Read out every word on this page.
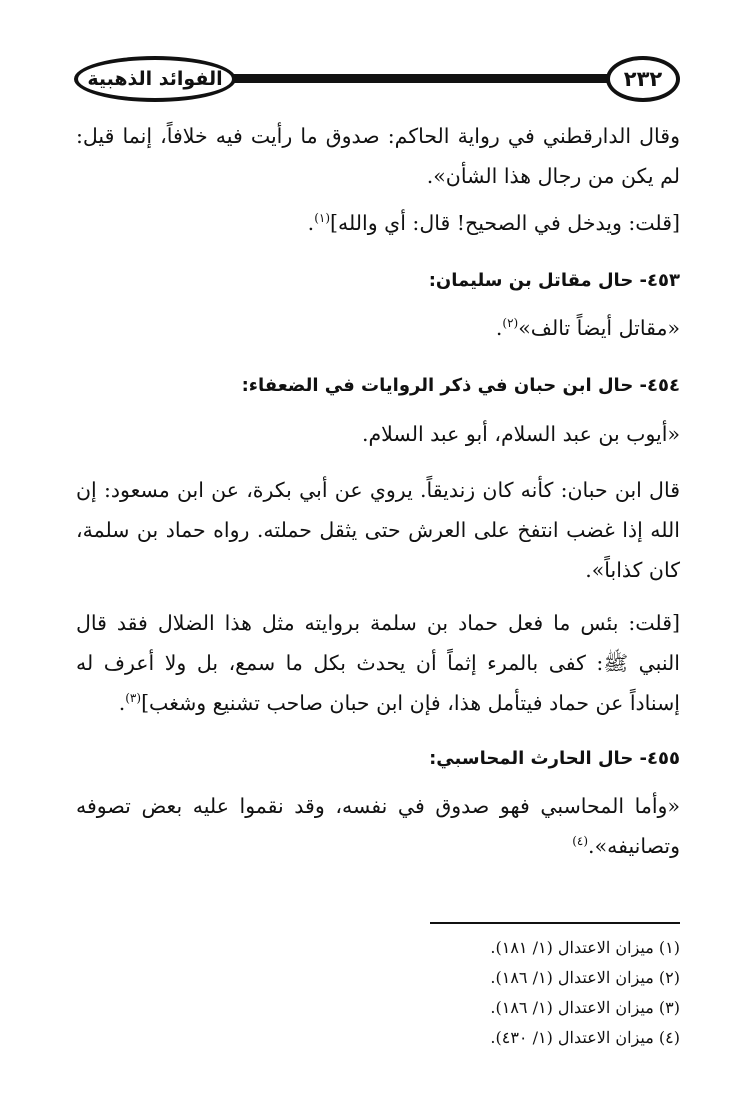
الفوائد الذهبية	٢٣٢

وقال الدارقطني في رواية الحاكم: صدوق ما رأيت فيه خلافاً، إنما قيل: لم يكن من رجال هذا الشأن».

[قلت: ويدخل في الصحيح! قال: أي والله]$^{(١)}$.

٤٥٣- حال مقاتل بن سليمان:

«مقاتل أيضاً تالف»$^{(٢)}$.

٤٥٤- حال ابن حبان في ذكر الروايات في الضعفاء:

«أيوب بن عبد السلام، أبو عبد السلام.

قال ابن حبان: كأنه كان زنديقاً. يروي عن أبي بكرة، عن ابن مسعود: إن الله إذا غضب انتفخ على العرش حتى يثقل حملته. رواه حماد بن سلمة، كان كذاباً».

[قلت: بئس ما فعل حماد بن سلمة بروايته مثل هذا الضلال فقد قال النبي ﷺ: كفى بالمرء إثماً أن يحدث بكل ما سمع، بل ولا أعرف له إسناداً عن حماد فيتأمل هذا، فإن ابن حبان صاحب تشنيع وشغب]$^{(٣)}$.

٤٥٥- حال الحارث المحاسبي:

«وأما المحاسبي فهو صدوق في نفسه، وقد نقموا عليه بعض تصوفه وتصانيفه».$^{(٤)}$

(١) ميزان الاعتدال (١/ ١٨١).

(٢) ميزان الاعتدال (١/ ١٨٦).

(٣) ميزان الاعتدال (١/ ١٨٦).

(٤) ميزان الاعتدال (١/ ٤٣٠).
